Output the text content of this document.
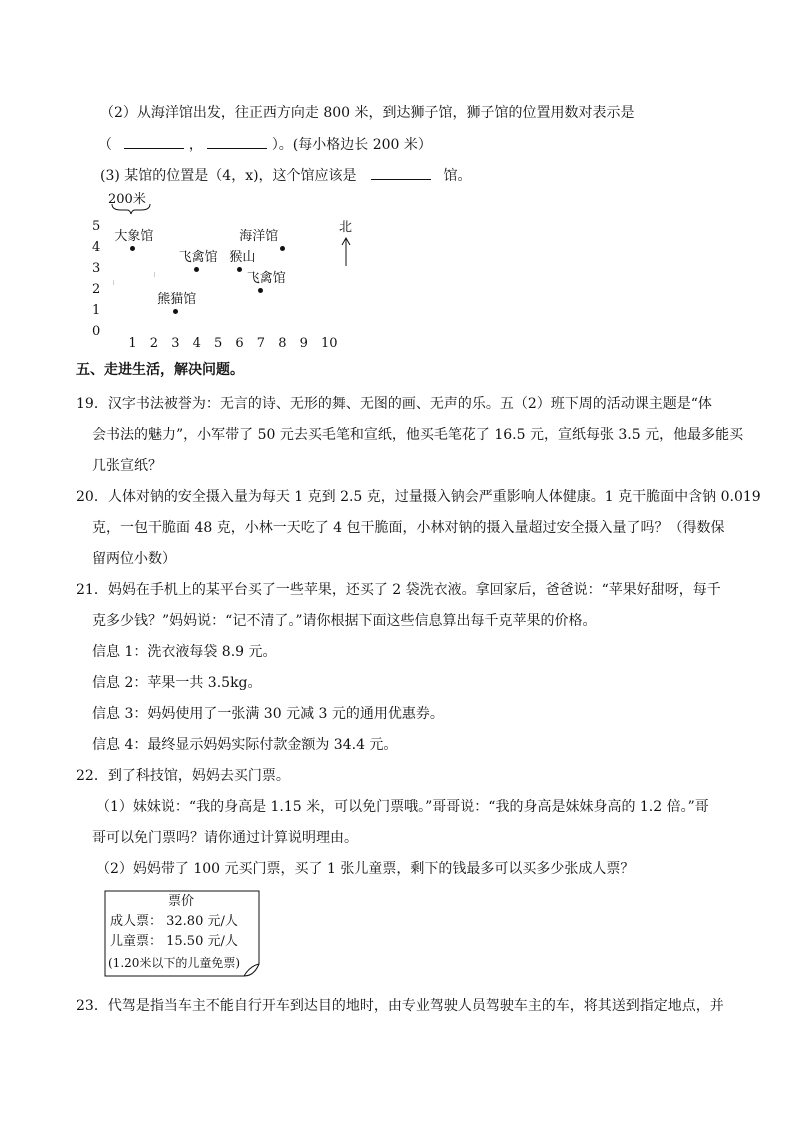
（2）从海洋馆出发，往正西方向走 800 米，到达狮子馆，狮子馆的位置用数对表示是
（	，	）。(每小格边长 200 米）
(3) 某馆的位置是（4，x)，这个馆应该是	馆。
200米
5
4
3
2
1
0
1 2 3 4 5 6 7 8 9 10
大象馆
飞禽馆 猴山
海洋馆
飞禽馆
熊猫馆
北
五、走进生活，解决问题。
19．汉字书法被誉为：无言的诗、无形的舞、无图的画、无声的乐。五（2）班下周的活动课主题是“体
会书法的魅力”，小军带了 50 元去买毛笔和宣纸，他买毛笔花了 16.5 元，宣纸每张 3.5 元，他最多能买
几张宣纸？
20．人体对钠的安全摄入量为每天 1 克到 2.5 克，过量摄入钠会严重影响人体健康。1 克干脆面中含钠 0.019
克，一包干脆面 48 克，小林一天吃了 4 包干脆面，小林对钠的摄入量超过安全摄入量了吗？（得数保
留两位小数）
21．妈妈在手机上的某平台买了一些苹果，还买了 2 袋洗衣液。拿回家后，爸爸说：“苹果好甜呀，每千
克多少钱？”妈妈说：“记不清了。”请你根据下面这些信息算出每千克苹果的价格。
信息 1：洗衣液每袋 8.9 元。
信息 2：苹果一共 3.5kg。
信息 3：妈妈使用了一张满 30 元减 3 元的通用优惠券。
信息 4：最终显示妈妈实际付款金额为 34.4 元。
22．到了科技馆，妈妈去买门票。
（1）妹妹说：“我的身高是 1.15 米，可以免门票哦。”哥哥说：“我的身高是妹妹身高的 1.2 倍。”哥
哥可以免门票吗？请你通过计算说明理由。
（2）妈妈带了 100 元买门票，买了 1 张儿童票，剩下的钱最多可以买多少张成人票？
票价
成人票： 32.80 元/人
儿童票： 15.50 元/人
(1.20米以下的儿童免票)
23．代驾是指当车主不能自行开车到达目的地时，由专业驾驶人员驾驶车主的车，将其送到指定地点，并
